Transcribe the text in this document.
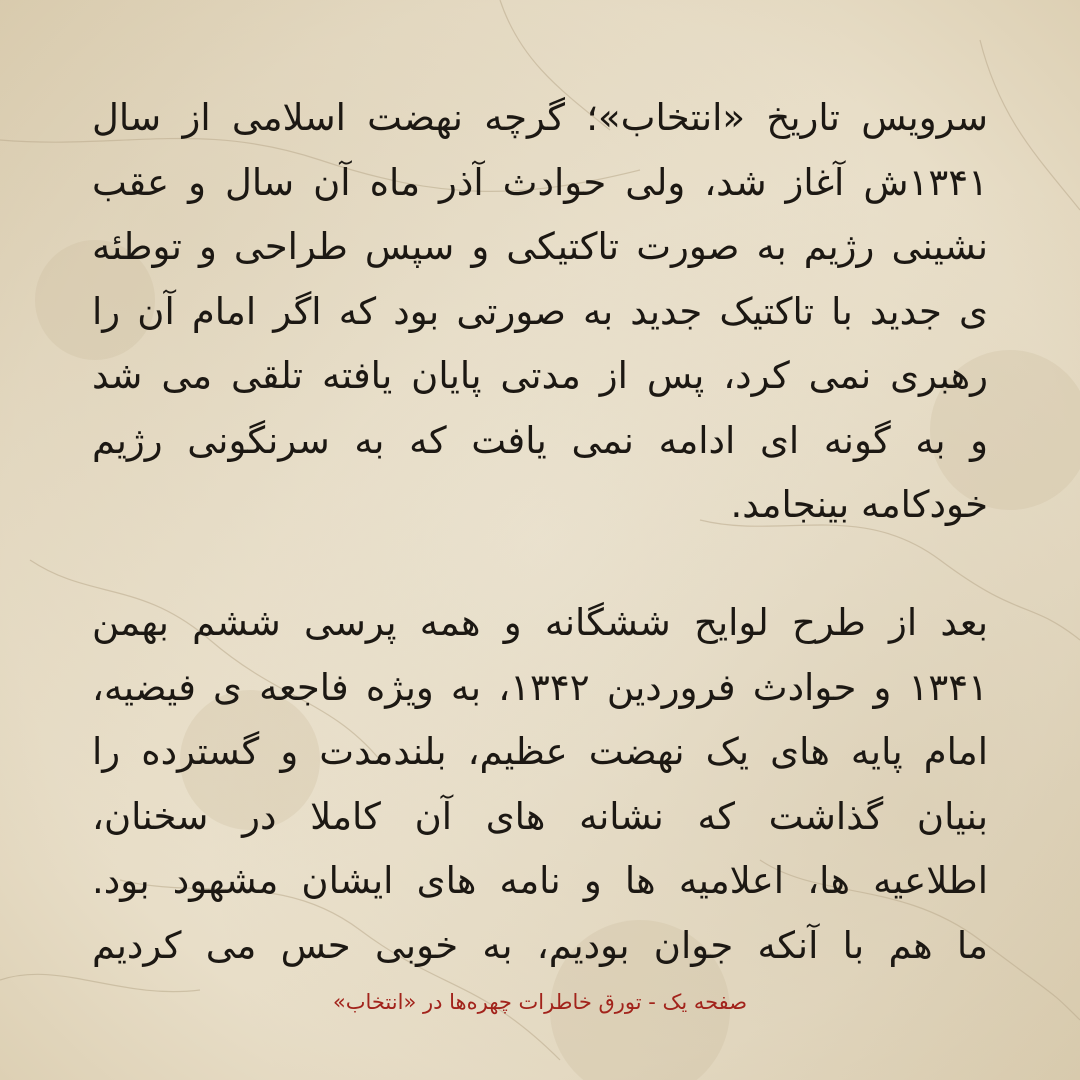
سرویس تاریخ «انتخاب»؛ گرچه نهضت اسلامی از سال
۱۳۴۱ش آغاز شد، ولی حوادث آذر ماه آن سال و عقب
نشینی رژیم به صورت تاکتیکی و سپس طراحی و توطئه
ی جدید با تاکتیک جدید به صورتی بود که اگر امام آن را
رهبری نمی کرد، پس از مدتی پایان یافته تلقی می شد
و به گونه ای ادامه نمی یافت که به سرنگونی رژیم
خودکامه بینجامد.
بعد از طرح لوایح ششگانه و همه پرسی ششم بهمن
۱۳۴۱ و حوادث فروردین ۱۳۴۲، به ویژه فاجعه ی فیضیه،
امام پایه های یک نهضت عظیم، بلندمدت و گسترده را
بنیان گذاشت که نشانه های آن کاملا در سخنان،
اطلاعیه ها، اعلامیه ها و نامه های ایشان مشهود بود.
ما هم با آنکه جوان بودیم، به خوبی حس می کردیم
صفحه یک - تورق خاطرات چهره‌ها در «انتخاب»
